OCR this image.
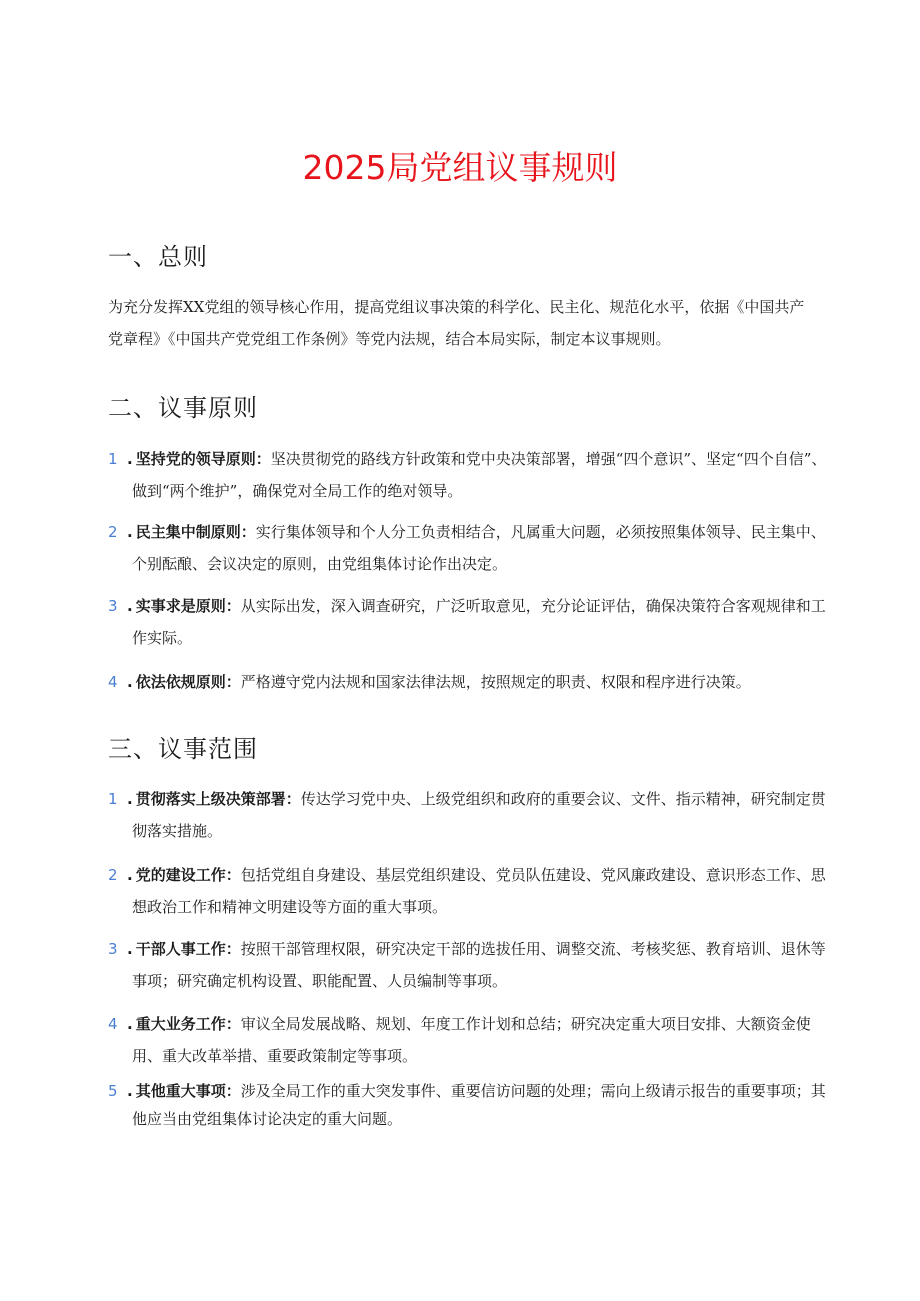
2025局党组议事规则
一、总则

为充分发挥XX党组的领导核心作用，提高党组议事决策的科学化、民主化、规范化水平，依据《中国共产党章程》《中国共产党党组工作条例》等党内法规，结合本局实际，制定本议事规则。

二、议事原则

1 . 坚持党的领导原则：坚决贯彻党的路线方针政策和党中央决策部署，增强“四个意识”、坚定“四个自信”、做到“两个维护”，确保党对全局工作的绝对领导。

2 . 民主集中制原则：实行集体领导和个人分工负责相结合，凡属重大问题，必须按照集体领导、民主集中、个别酝酿、会议决定的原则，由党组集体讨论作出决定。

3 . 实事求是原则：从实际出发，深入调查研究，广泛听取意见，充分论证评估，确保决策符合客观规律和工作实际。

4 . 依法依规原则：严格遵守党内法规和国家法律法规，按照规定的职责、权限和程序进行决策。

三、议事范围

1 . 贯彻落实上级决策部署：传达学习党中央、上级党组织和政府的重要会议、文件、指示精神，研究制定贯彻落实措施。

2 . 党的建设工作：包括党组自身建设、基层党组织建设、党员队伍建设、党风廉政建设、意识形态工作、思想政治工作和精神文明建设等方面的重大事项。

3 . 干部人事工作：按照干部管理权限，研究决定干部的选拔任用、调整交流、考核奖惩、教育培训、退休等事项；研究确定机构设置、职能配置、人员编制等事项。

4 . 重大业务工作：审议全局发展战略、规划、年度工作计划和总结；研究决定重大项目安排、大额资金使用、重大改革举措、重要政策制定等事项。

5 . 其他重大事项：涉及全局工作的重大突发事件、重要信访问题的处理；需向上级请示报告的重要事项；其他应当由党组集体讨论决定的重大问题。
